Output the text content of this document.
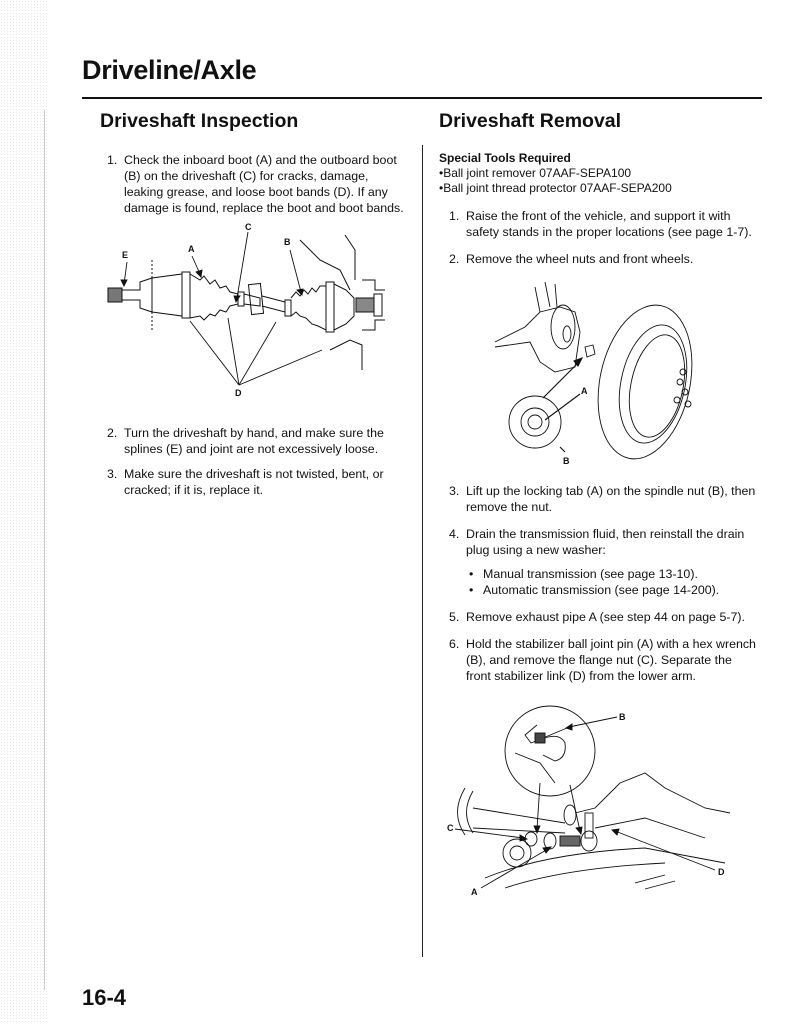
Driveline/Axle
Driveshaft Inspection
1. Check the inboard boot (A) and the outboard boot (B) on the driveshaft (C) for cracks, damage, leaking grease, and loose boot bands (D). If any damage is found, replace the boot and boot bands.
E
A
C
B
D
2. Turn the driveshaft by hand, and make sure the splines (E) and joint are not excessively loose.
3. Make sure the driveshaft is not twisted, bent, or cracked; if it is, replace it.
Driveshaft Removal
Special Tools Required
•Ball joint remover 07AAF-SEPA100
•Ball joint thread protector 07AAF-SEPA200
1. Raise the front of the vehicle, and support it with safety stands in the proper locations (see page 1-7).
2. Remove the wheel nuts and front wheels.
A
B
3. Lift up the locking tab (A) on the spindle nut (B), then remove the nut.
4. Drain the transmission fluid, then reinstall the drain plug using a new washer:
• Manual transmission (see page 13-10).
• Automatic transmission (see page 14-200).
5. Remove exhaust pipe A (see step 44 on page 5-7).
6. Hold the stabilizer ball joint pin (A) with a hex wrench (B), and remove the flange nut (C). Separate the front stabilizer link (D) from the lower arm.
B
C
D
A
16-4
